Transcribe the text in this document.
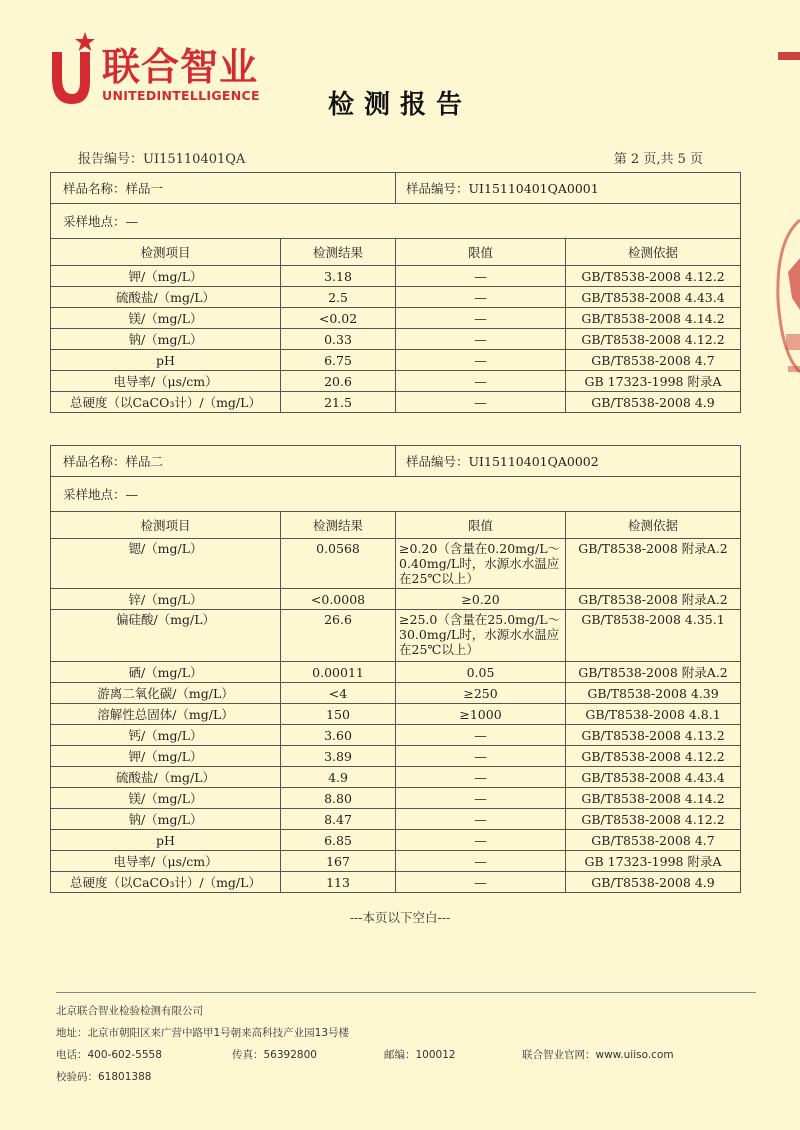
联合智业
UNITEDINTELLIGENCE	检测报告
报告编号：UI15110401QA	第 2 页,共 5 页
样品名称：样品一		样品编号：UI15110401QA0001	
采样地点：—			
检测项目	检测结果	限值	检测依据
钾/（mg/L）	3.18	—	GB/T8538-2008 4.12.2
硫酸盐/（mg/L）	2.5	—	GB/T8538-2008 4.43.4
镁/（mg/L）	<0.02	—	GB/T8538-2008 4.14.2
钠/（mg/L）	0.33	—	GB/T8538-2008 4.12.2
pH	6.75	—	GB/T8538-2008 4.7
电导率/（μs/cm）	20.6	—	GB 17323-1998 附录A
总硬度（以CaCO₃计）/（mg/L）	21.5	—	GB/T8538-2008 4.9
样品名称：样品二		样品编号：UI15110401QA0002	
采样地点：—			
检测项目	检测结果	限值	检测依据
锶/（mg/L）	0.0568	≥0.20（含量在0.20mg/L～0.40mg/L时，水源水水温应在25℃以上）	GB/T8538-2008 附录A.2
锌/（mg/L）	<0.0008	≥0.20	GB/T8538-2008 附录A.2
偏硅酸/（mg/L）	26.6	≥25.0（含量在25.0mg/L～30.0mg/L时，水源水水温应在25℃以上）	GB/T8538-2008 4.35.1
硒/（mg/L）	0.00011	0.05	GB/T8538-2008 附录A.2
游离二氧化碳/（mg/L）	<4	≥250	GB/T8538-2008 4.39
溶解性总固体/（mg/L）	150	≥1000	GB/T8538-2008 4.8.1
钙/（mg/L）	3.60	—	GB/T8538-2008 4.13.2
钾/（mg/L）	3.89	—	GB/T8538-2008 4.12.2
硫酸盐/（mg/L）	4.9	—	GB/T8538-2008 4.43.4
镁/（mg/L）	8.80	—	GB/T8538-2008 4.14.2
钠/（mg/L）	8.47	—	GB/T8538-2008 4.12.2
pH	6.85	—	GB/T8538-2008 4.7
电导率/（μs/cm）	167	—	GB 17323-1998 附录A
总硬度（以CaCO₃计）/（mg/L）	113	—	GB/T8538-2008 4.9
---本页以下空白---
北京联合智业检验检测有限公司
地址：北京市朝阳区来广营中路甲1号朝来高科技产业园13号楼
电话：400-602-5558	传真：56392800	邮编：100012	联合智业官网：www.uiiso.com
校验码：61801388
